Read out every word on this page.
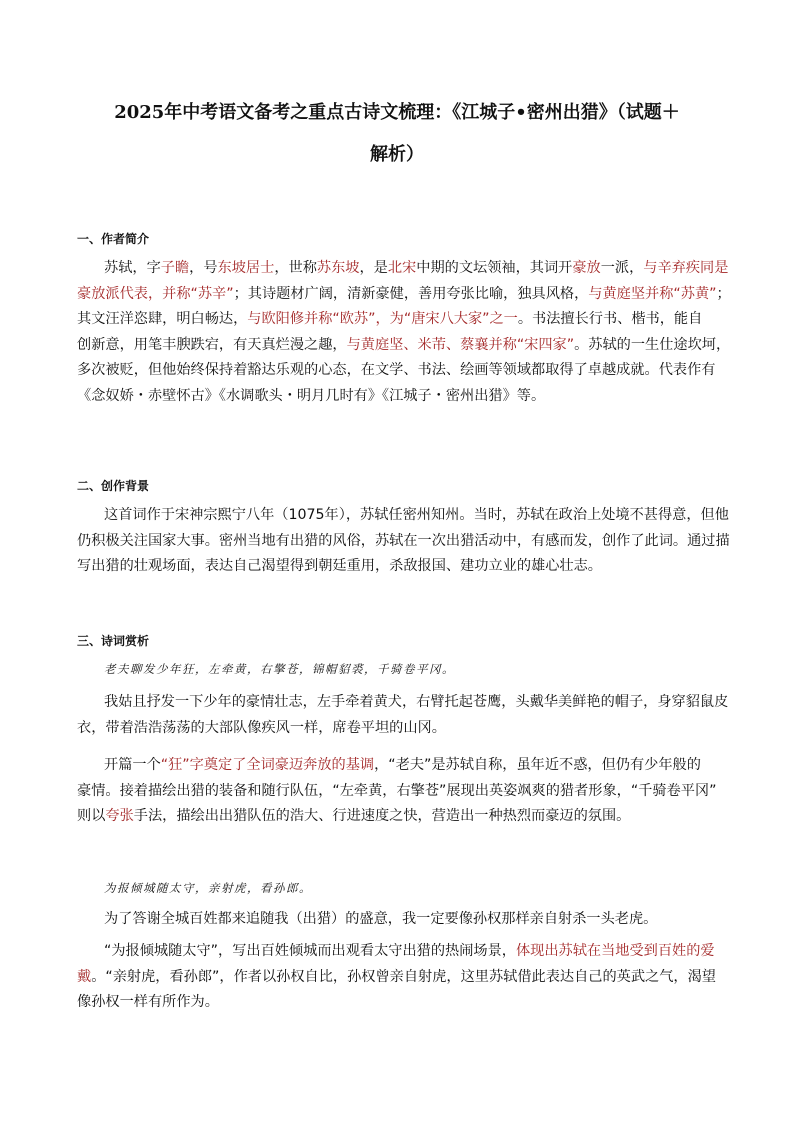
2025年中考语文备考之重点古诗文梳理：《江城子•密州出猎》（试题＋
解析）
一、作者简介
苏轼，字子瞻，号东坡居士，世称苏东坡，是北宋中期的文坛领袖，其词开豪放一派，与辛弃疾同是
豪放派代表，并称“苏辛”；其诗题材广阔，清新豪健，善用夸张比喻，独具风格，与黄庭坚并称“苏黄”；
其文汪洋恣肆，明白畅达，与欧阳修并称“欧苏”，为“唐宋八大家”之一。书法擅长行书、楷书，能自
创新意，用笔丰腴跌宕，有天真烂漫之趣，与黄庭坚、米芾、蔡襄并称“宋四家”。苏轼的一生仕途坎坷，
多次被贬，但他始终保持着豁达乐观的心态，在文学、书法、绘画等领域都取得了卓越成就。代表作有
《念奴娇・赤壁怀古》《水调歌头・明月几时有》《江城子・密州出猎》等。
二、创作背景
这首词作于宋神宗熙宁八年（1075年），苏轼任密州知州。当时，苏轼在政治上处境不甚得意，但他
仍积极关注国家大事。密州当地有出猎的风俗，苏轼在一次出猎活动中，有感而发，创作了此词。通过描
写出猎的壮观场面，表达自己渴望得到朝廷重用，杀敌报国、建功立业的雄心壮志。
三、诗词赏析
老夫聊发少年狂，左牵黄，右擎苍，锦帽貂裘，千骑卷平冈。
我姑且抒发一下少年的豪情壮志，左手牵着黄犬，右臂托起苍鹰，头戴华美鲜艳的帽子，身穿貂鼠皮
衣，带着浩浩荡荡的大部队像疾风一样，席卷平坦的山冈。
开篇一个“狂”字奠定了全词豪迈奔放的基调，“老夫”是苏轼自称，虽年近不惑，但仍有少年般的
豪情。接着描绘出猎的装备和随行队伍，“左牵黄，右擎苍”展现出英姿飒爽的猎者形象，“千骑卷平冈”
则以夸张手法，描绘出出猎队伍的浩大、行进速度之快，营造出一种热烈而豪迈的氛围。
为报倾城随太守，亲射虎，看孙郎。
为了答谢全城百姓都来追随我（出猎）的盛意，我一定要像孙权那样亲自射杀一头老虎。
“为报倾城随太守”，写出百姓倾城而出观看太守出猎的热闹场景，体现出苏轼在当地受到百姓的爱
戴。“亲射虎，看孙郎”，作者以孙权自比，孙权曾亲自射虎，这里苏轼借此表达自己的英武之气，渴望
像孙权一样有所作为。
